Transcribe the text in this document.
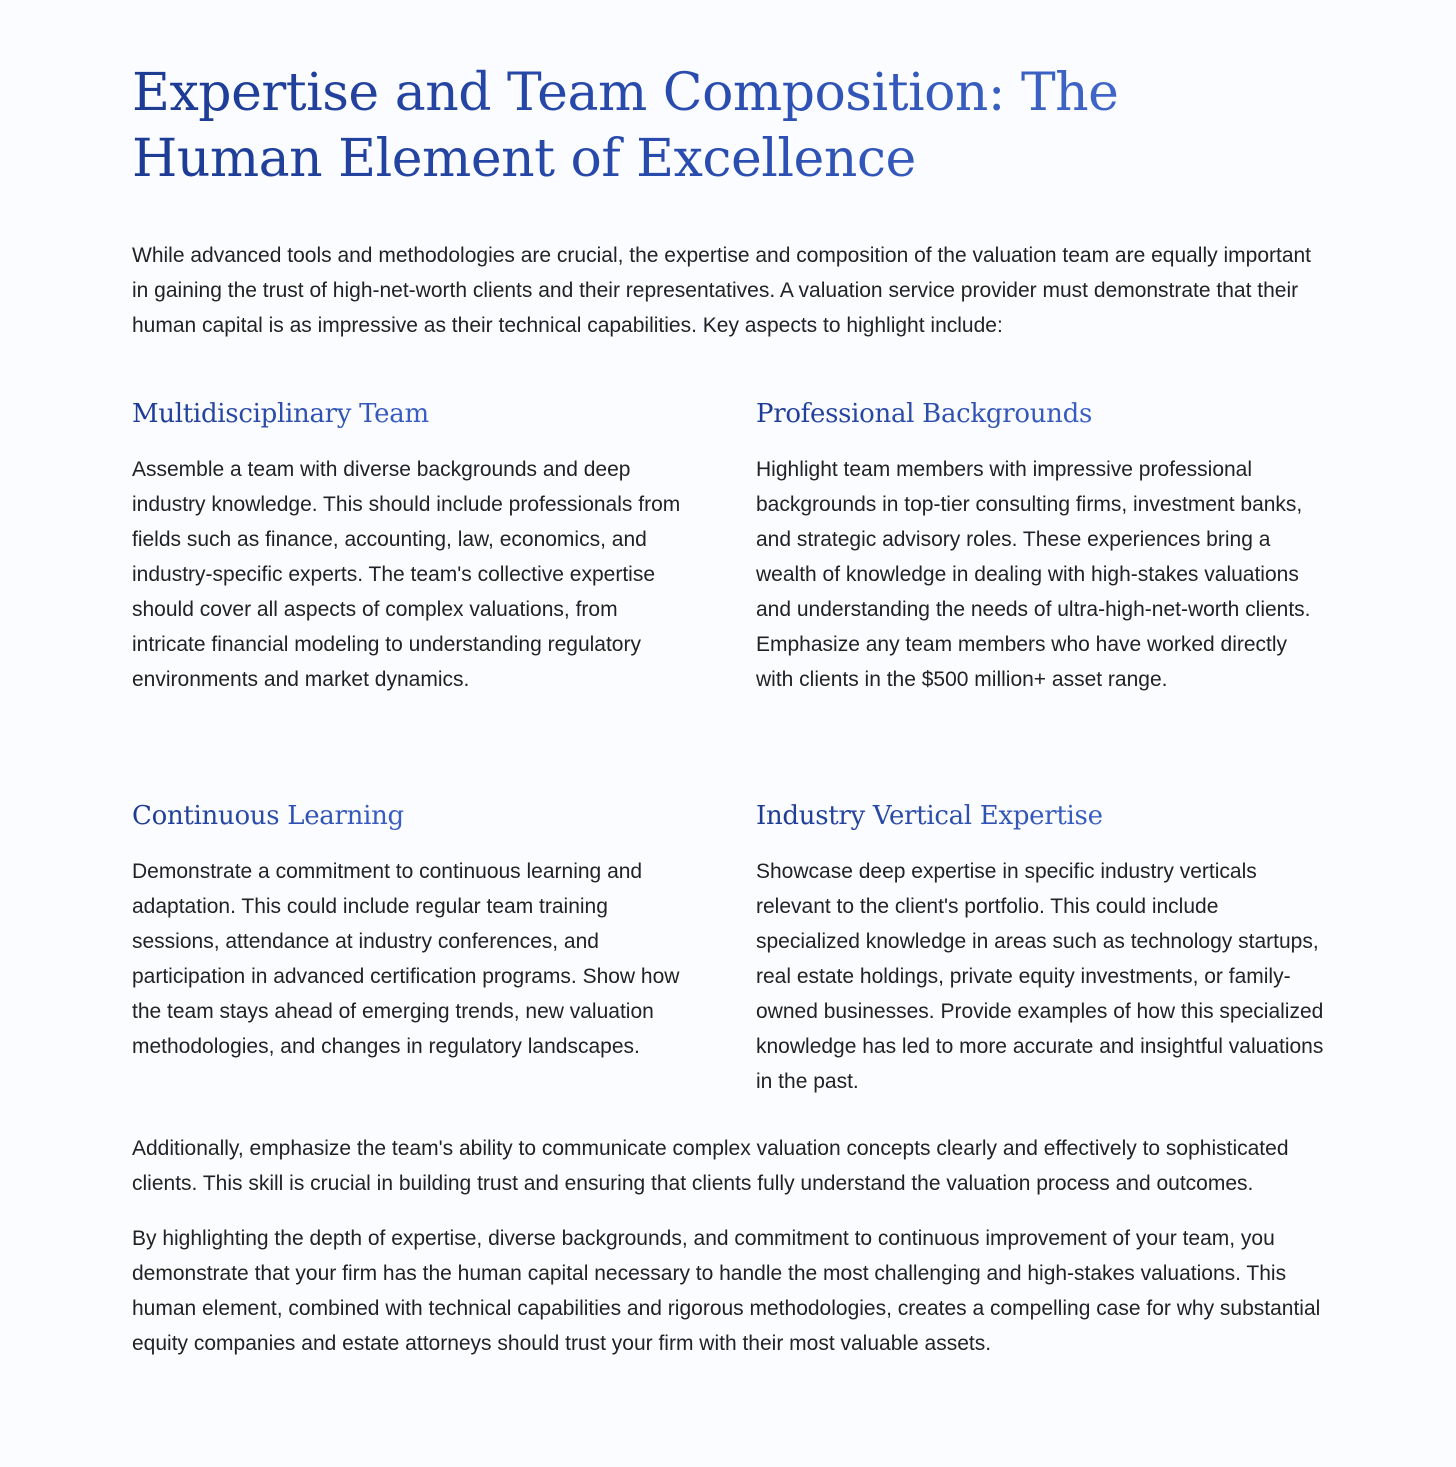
Expertise and Team Composition: The Human Element of Excellence

While advanced tools and methodologies are crucial, the expertise and composition of the valuation team are equally important in gaining the trust of high-net-worth clients and their representatives. A valuation service provider must demonstrate that their human capital is as impressive as their technical capabilities. Key aspects to highlight include:

Multidisciplinary Team

Assemble a team with diverse backgrounds and deep industry knowledge. This should include professionals from fields such as finance, accounting, law, economics, and industry-specific experts. The team's collective expertise should cover all aspects of complex valuations, from intricate financial modeling to understanding regulatory environments and market dynamics.

Professional Backgrounds

Highlight team members with impressive professional backgrounds in top-tier consulting firms, investment banks, and strategic advisory roles. These experiences bring a wealth of knowledge in dealing with high-stakes valuations and understanding the needs of ultra-high-net-worth clients. Emphasize any team members who have worked directly with clients in the $500 million+ asset range.

Continuous Learning

Demonstrate a commitment to continuous learning and adaptation. This could include regular team training sessions, attendance at industry conferences, and participation in advanced certification programs. Show how the team stays ahead of emerging trends, new valuation methodologies, and changes in regulatory landscapes.

Industry Vertical Expertise

Showcase deep expertise in specific industry verticals relevant to the client's portfolio. This could include specialized knowledge in areas such as technology startups, real estate holdings, private equity investments, or family-owned businesses. Provide examples of how this specialized knowledge has led to more accurate and insightful valuations in the past.

Additionally, emphasize the team's ability to communicate complex valuation concepts clearly and effectively to sophisticated clients. This skill is crucial in building trust and ensuring that clients fully understand the valuation process and outcomes.

By highlighting the depth of expertise, diverse backgrounds, and commitment to continuous improvement of your team, you demonstrate that your firm has the human capital necessary to handle the most challenging and high-stakes valuations. This human element, combined with technical capabilities and rigorous methodologies, creates a compelling case for why substantial equity companies and estate attorneys should trust your firm with their most valuable assets.
